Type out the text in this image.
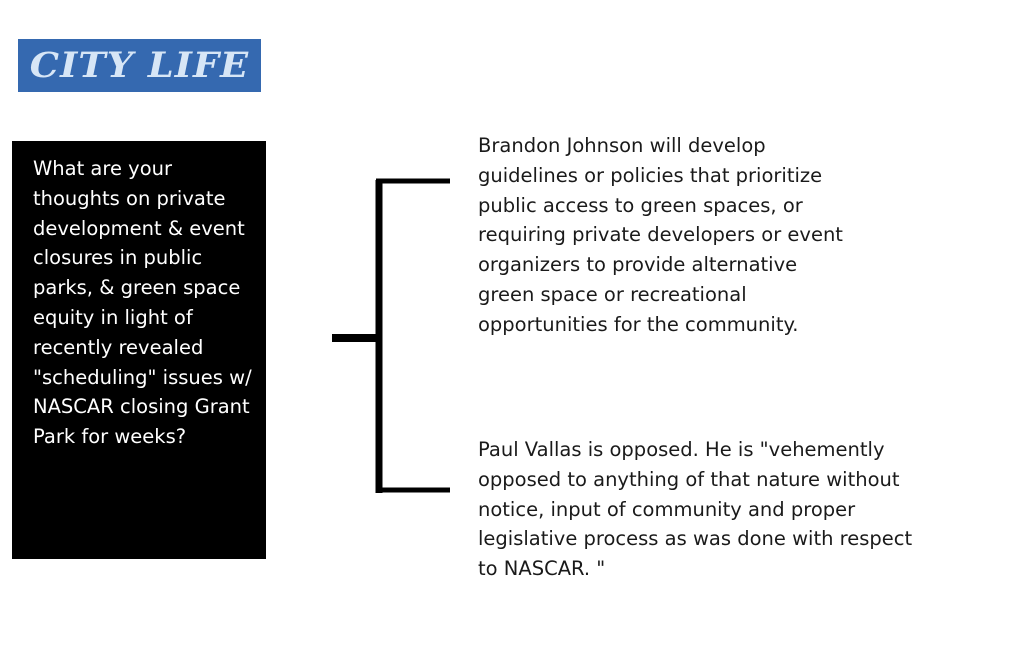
CITY LIFE

What are your thoughts on private development & event closures in public parks, & green space equity in light of recently revealed "scheduling" issues w/ NASCAR closing Grant Park for weeks?

Brandon Johnson will develop
guidelines or policies that prioritize
public access to green spaces, or
requiring private developers or event
organizers to provide alternative
green space or recreational
opportunities for the community.

Paul Vallas is opposed. He is "vehemently
opposed to anything of that nature without
notice, input of community and proper
legislative process as was done with respect
to NASCAR. "
